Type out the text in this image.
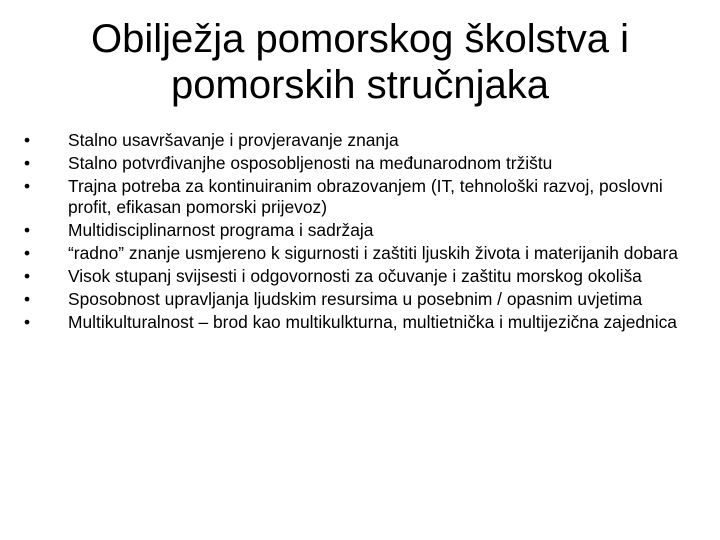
Obilježja pomorskog školstva i pomorskih stručnjaka
• Stalno usavršavanje i provjeravanje znanja
• Stalno potvrđivanjhe osposobljenosti na međunarodnom tržištu
• Trajna potreba za kontinuiranim obrazovanjem (IT, tehnološki razvoj, poslovni profit, efikasan pomorski prijevoz)
• Multidisciplinarnost programa i sadržaja
• “radno” znanje usmjereno k sigurnosti i zaštiti ljuskih života i materijanih dobara
• Visok stupanj svijsesti i odgovornosti za očuvanje i zaštitu morskog okoliša
• Sposobnost upravljanja ljudskim resursima u posebnim / opasnim uvjetima
• Multikulturalnost – brod kao multikulkturna, multietnička i multijezična zajednica
